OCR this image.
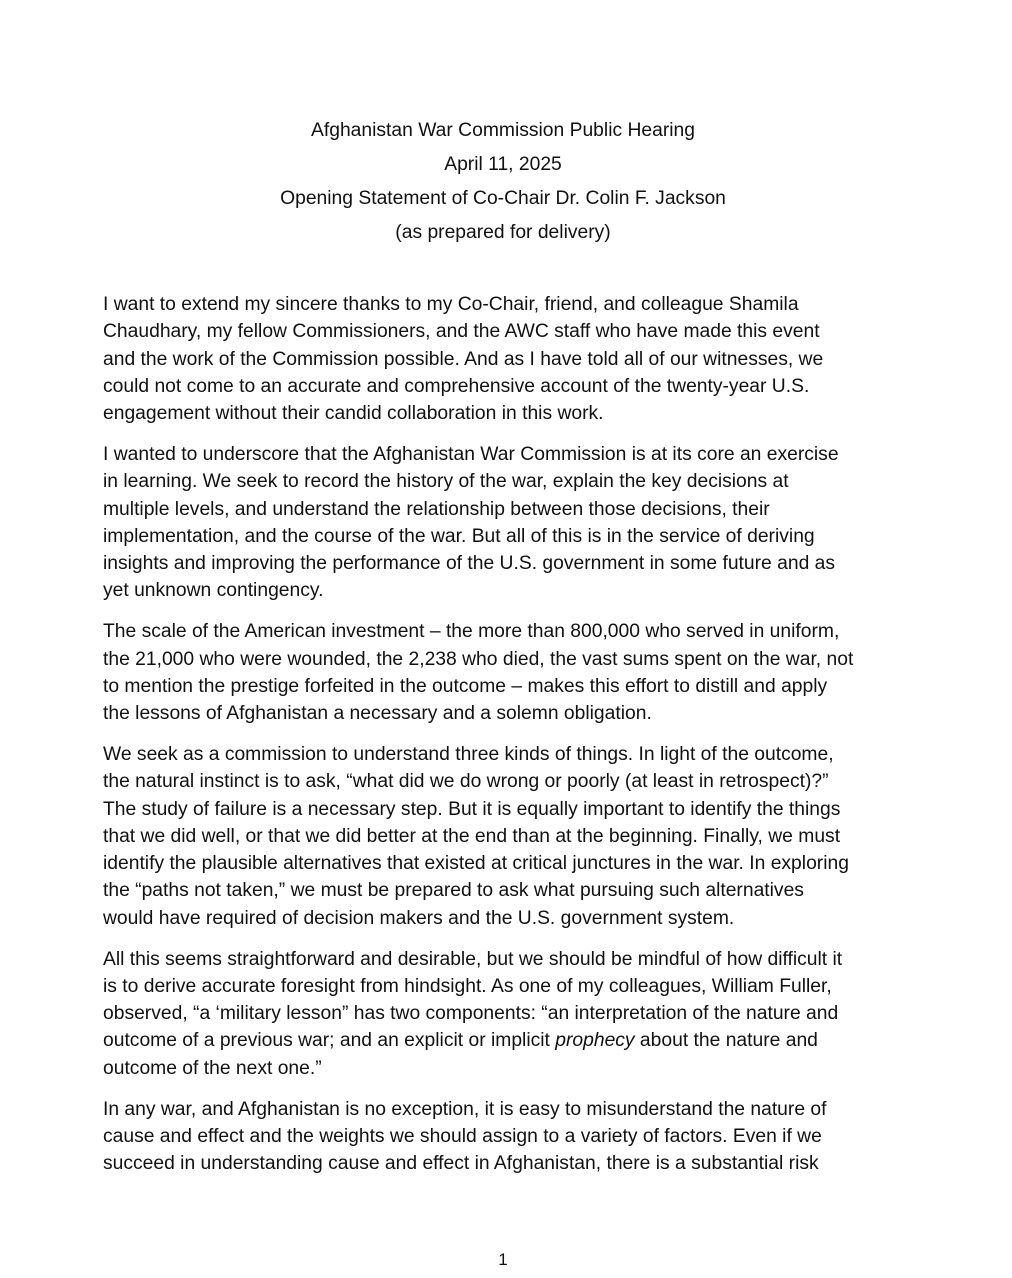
Afghanistan War Commission Public Hearing
April 11, 2025
Opening Statement of Co-Chair Dr. Colin F. Jackson
(as prepared for delivery)

I want to extend my sincere thanks to my Co-Chair, friend, and colleague Shamila
Chaudhary, my fellow Commissioners, and the AWC staff who have made this event
and the work of the Commission possible. And as I have told all of our witnesses, we
could not come to an accurate and comprehensive account of the twenty-year U.S.
engagement without their candid collaboration in this work.

I wanted to underscore that the Afghanistan War Commission is at its core an exercise
in learning. We seek to record the history of the war, explain the key decisions at
multiple levels, and understand the relationship between those decisions, their
implementation, and the course of the war. But all of this is in the service of deriving
insights and improving the performance of the U.S. government in some future and as
yet unknown contingency.

The scale of the American investment – the more than 800,000 who served in uniform,
the 21,000 who were wounded, the 2,238 who died, the vast sums spent on the war, not
to mention the prestige forfeited in the outcome – makes this effort to distill and apply
the lessons of Afghanistan a necessary and a solemn obligation.

We seek as a commission to understand three kinds of things. In light of the outcome,
the natural instinct is to ask, “what did we do wrong or poorly (at least in retrospect)?”
The study of failure is a necessary step. But it is equally important to identify the things
that we did well, or that we did better at the end than at the beginning. Finally, we must
identify the plausible alternatives that existed at critical junctures in the war. In exploring
the “paths not taken,” we must be prepared to ask what pursuing such alternatives
would have required of decision makers and the U.S. government system.

All this seems straightforward and desirable, but we should be mindful of how difficult it
is to derive accurate foresight from hindsight. As one of my colleagues, William Fuller,
observed, “a ‘military lesson” has two components: “an interpretation of the nature and
outcome of a previous war; and an explicit or implicit prophecy about the nature and
outcome of the next one.”

In any war, and Afghanistan is no exception, it is easy to misunderstand the nature of
cause and effect and the weights we should assign to a variety of factors. Even if we
succeed in understanding cause and effect in Afghanistan, there is a substantial risk

1
